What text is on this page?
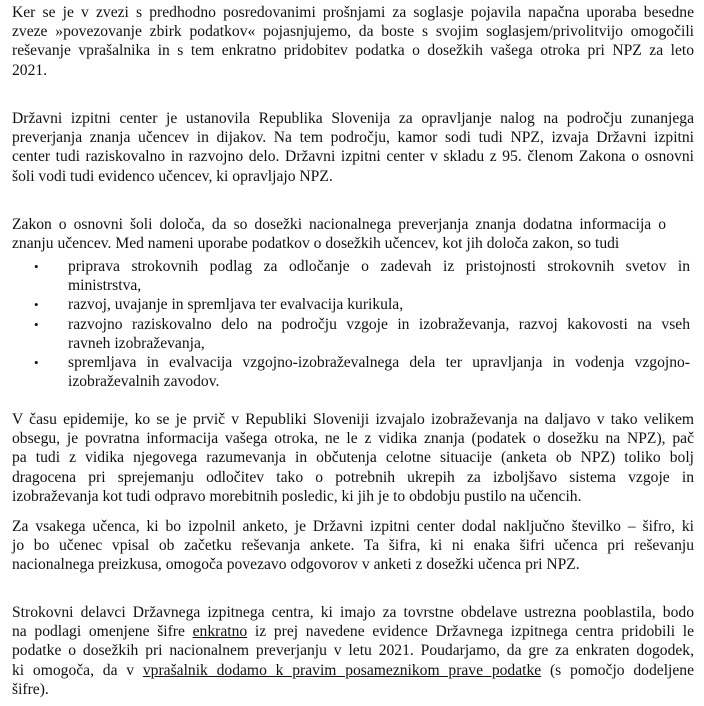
Ker se je v zvezi s predhodno posredovanimi prošnjami za soglasje pojavila napačna uporaba besedne
zveze »povezovanje zbirk podatkov« pojasnjujemo, da boste s svojim soglasjem/privolitvijo omogočili
reševanje vprašalnika in s tem enkratno pridobitev podatka o dosežkih vašega otroka pri NPZ za leto
2021.

Državni izpitni center je ustanovila Republika Slovenija za opravljanje nalog na področju zunanjega
preverjanja znanja učencev in dijakov. Na tem področju, kamor sodi tudi NPZ, izvaja Državni izpitni
center tudi raziskovalno in razvojno delo. Državni izpitni center v skladu z 95. členom Zakona o osnovni
šoli vodi tudi evidenco učencev, ki opravljajo NPZ.

Zakon o osnovni šoli določa, da so dosežki nacionalnega preverjanja znanja dodatna informacija o
znanju učencev. Med nameni uporabe podatkov o dosežkih učencev, kot jih določa zakon, so tudi

• priprava strokovnih podlag za odločanje o zadevah iz pristojnosti strokovnih svetov in
ministrstva,
• razvoj, uvajanje in spremljava ter evalvacija kurikula,
• razvojno raziskovalno delo na področju vzgoje in izobraževanja, razvoj kakovosti na vseh
ravneh izobraževanja,
• spremljava in evalvacija vzgojno-izobraževalnega dela ter upravljanja in vodenja vzgojno-
izobraževalnih zavodov.

V času epidemije, ko se je prvič v Republiki Sloveniji izvajalo izobraževanja na daljavo v tako velikem
obsegu, je povratna informacija vašega otroka, ne le z vidika znanja (podatek o dosežku na NPZ), pač
pa tudi z vidika njegovega razumevanja in občutenja celotne situacije (anketa ob NPZ) toliko bolj
dragocena pri sprejemanju odločitev tako o potrebnih ukrepih za izboljšavo sistema vzgoje in
izobraževanja kot tudi odpravo morebitnih posledic, ki jih je to obdobju pustilo na učencih.

Za vsakega učenca, ki bo izpolnil anketo, je Državni izpitni center dodal naključno številko – šifro, ki
jo bo učenec vpisal ob začetku reševanja ankete. Ta šifra, ki ni enaka šifri učenca pri reševanju
nacionalnega preizkusa, omogoča povezavo odgovorov v anketi z dosežki učenca pri NPZ.

Strokovni delavci Državnega izpitnega centra, ki imajo za tovrstne obdelave ustrezna pooblastila, bodo
na podlagi omenjene šifre enkratno iz prej navedene evidence Državnega izpitnega centra pridobili le
podatke o dosežkih pri nacionalnem preverjanju v letu 2021. Poudarjamo, da gre za enkraten dogodek,
ki omogoča, da v vprašalnik dodamo k pravim posameznikom prave podatke (s pomočjo dodeljene
šifre).
